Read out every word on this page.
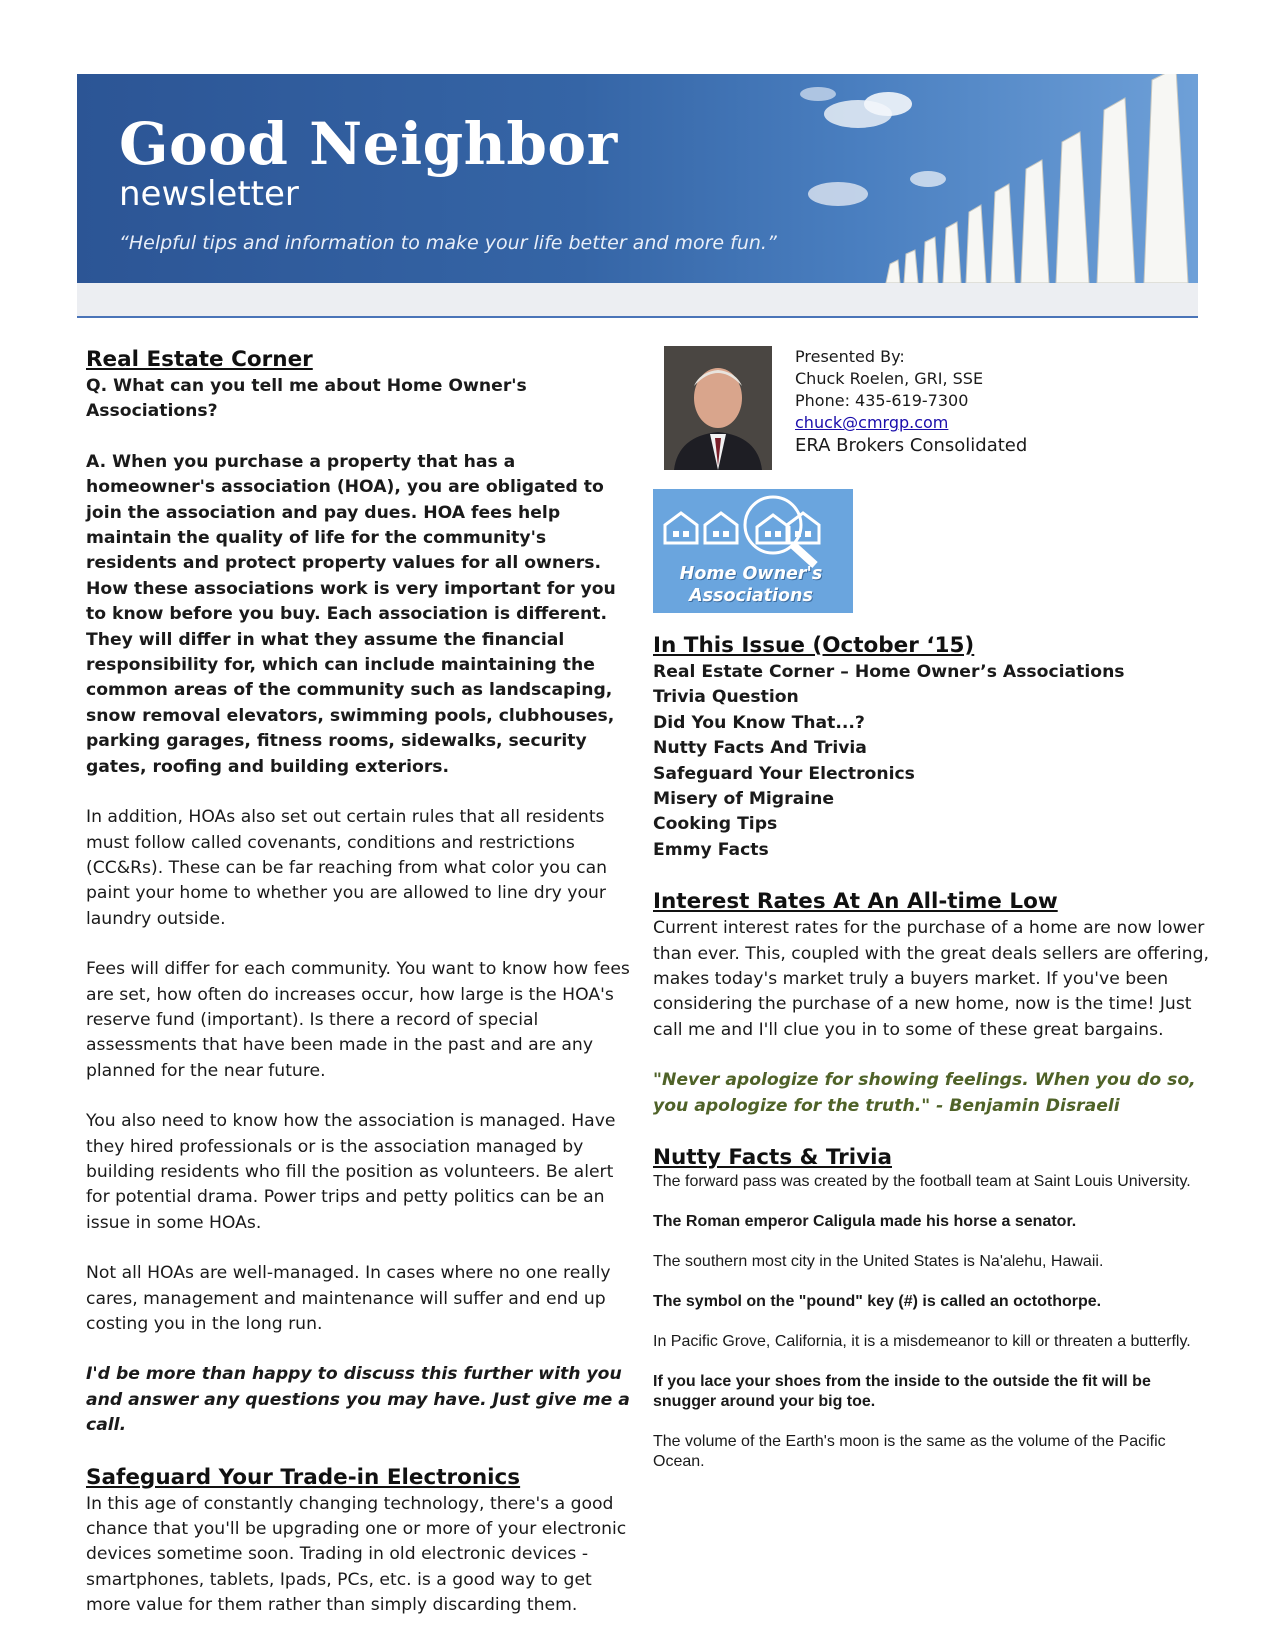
Good Neighbor
newsletter
“Helpful tips and information to make your life better and more fun.”

Real Estate Corner

Q. What can you tell me about Home Owner's Associations?

A. When you purchase a property that has a homeowner's association (HOA), you are obligated to join the association and pay dues. HOA fees help maintain the quality of life for the community's residents and protect property values for all owners. How these associations work is very important for you to know before you buy. Each association is different. They will differ in what they assume the financial responsibility for, which can include maintaining the common areas of the community such as landscaping, snow removal elevators, swimming pools, clubhouses, parking garages, fitness rooms, sidewalks, security gates, roofing and building exteriors.

In addition, HOAs also set out certain rules that all residents must follow called covenants, conditions and restrictions (CC&Rs). These can be far reaching from what color you can paint your home to whether you are allowed to line dry your laundry outside.

Fees will differ for each community. You want to know how fees are set, how often do increases occur, how large is the HOA's reserve fund (important). Is there a record of special assessments that have been made in the past and are any planned for the near future.

You also need to know how the association is managed. Have they hired professionals or is the association managed by building residents who fill the position as volunteers. Be alert for potential drama. Power trips and petty politics can be an issue in some HOAs.

Not all HOAs are well-managed. In cases where no one really cares, management and maintenance will suffer and end up costing you in the long run.

I'd be more than happy to discuss this further with you and answer any questions you may have. Just give me a call.

Safeguard Your Trade-in Electronics

In this age of constantly changing technology, there's a good chance that you'll be upgrading one or more of your electronic devices sometime soon. Trading in old electronic devices - smartphones, tablets, Ipads, PCs, etc. is a good way to get more value for them rather than simply discarding them.

Presented By:
Chuck Roelen, GRI, SSE
Phone: 435-619-7300
chuck@cmrgp.com
ERA Brokers Consolidated
Home Owner's Associations

In This Issue (October ‘15)

Real Estate Corner – Home Owner’s Associations

Trivia Question

Did You Know That...?

Nutty Facts And Trivia

Safeguard Your Electronics

Misery of Migraine

Cooking Tips

Emmy Facts

Interest Rates At An All-time Low

Current interest rates for the purchase of a home are now lower than ever. This, coupled with the great deals sellers are offering, makes today's market truly a buyers market. If you've been considering the purchase of a new home, now is the time! Just call me and I'll clue you in to some of these great bargains.

"Never apologize for showing feelings. When you do so, you apologize for the truth." - Benjamin Disraeli

Nutty Facts & Trivia

The forward pass was created by the football team at Saint Louis University.

The Roman emperor Caligula made his horse a senator.

The southern most city in the United States is Na'alehu, Hawaii.

The symbol on the "pound" key (#) is called an octothorpe.

In Pacific Grove, California, it is a misdemeanor to kill or threaten a butterfly.

If you lace your shoes from the inside to the outside the fit will be snugger around your big toe.

The volume of the Earth's moon is the same as the volume of the Pacific Ocean.
